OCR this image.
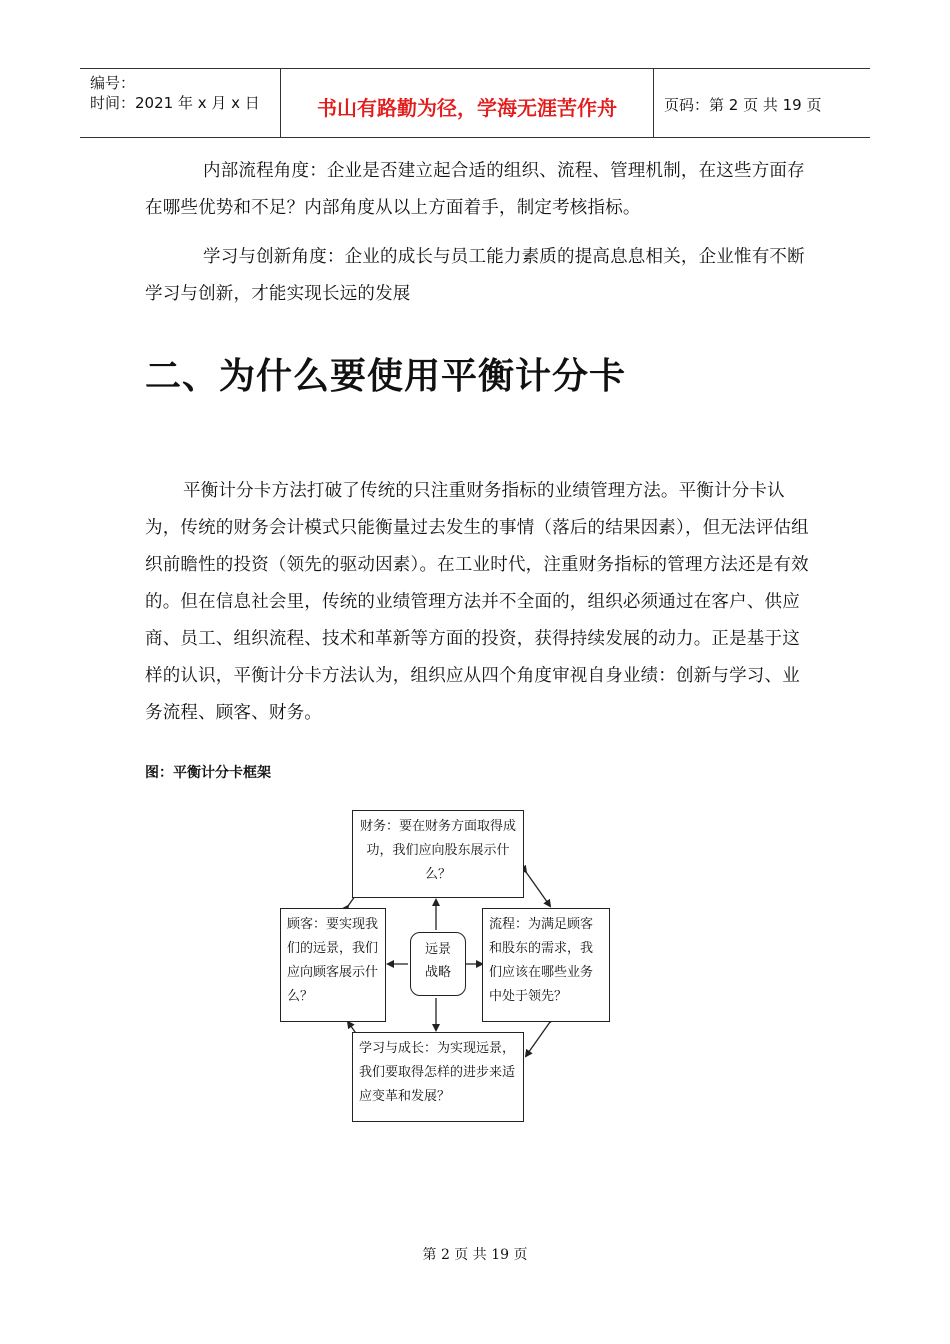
编号：
时间：2021 年 x 月 x 日	书山有路勤为径，学海无涯苦作舟	页码：第 2 页 共 19 页
内部流程角度：企业是否建立起合适的组织、流程、管理机制，在这些方面存在哪些优势和不足？内部角度从以上方面着手，制定考核指标。
学习与创新角度：企业的成长与员工能力素质的提高息息相关，企业惟有不断学习与创新，才能实现长远的发展
二、为什么要使用平衡计分卡
平衡计分卡方法打破了传统的只注重财务指标的业绩管理方法。平衡计分卡认为，传统的财务会计模式只能衡量过去发生的事情（落后的结果因素），但无法评估组织前瞻性的投资（领先的驱动因素）。在工业时代，注重财务指标的管理方法还是有效的。但在信息社会里，传统的业绩管理方法并不全面的，组织必须通过在客户、供应商、员工、组织流程、技术和革新等方面的投资，获得持续发展的动力。正是基于这样的认识，平衡计分卡方法认为，组织应从四个角度审视自身业绩：创新与学习、业务流程、顾客、财务。
图：平衡计分卡框架
财务：要在财务方面取得成功，我们应向股东展示什么？
顾客：要实现我们的远景，我们应向顾客展示什么？
远景
战略
流程：为满足顾客和股东的需求，我们应该在哪些业务中处于领先？
学习与成长：为实现远景，我们要取得怎样的进步来适应变革和发展？
第 2 页 共 19 页
